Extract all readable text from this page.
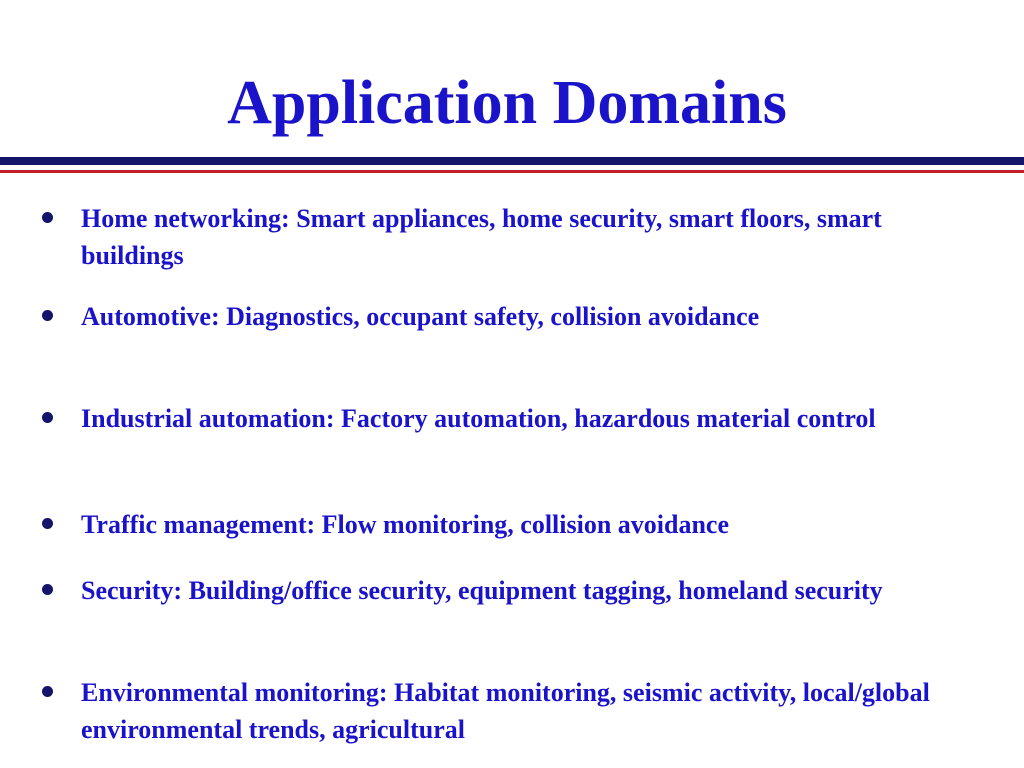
Application Domains
Home networking: Smart appliances, home security, smart floors, smart buildings
Automotive: Diagnostics, occupant safety, collision avoidance
Industrial automation: Factory automation, hazardous material control
Traffic management: Flow monitoring, collision avoidance
Security: Building/office security, equipment tagging, homeland security
Environmental monitoring: Habitat monitoring, seismic activity, local/global environmental trends, agricultural
